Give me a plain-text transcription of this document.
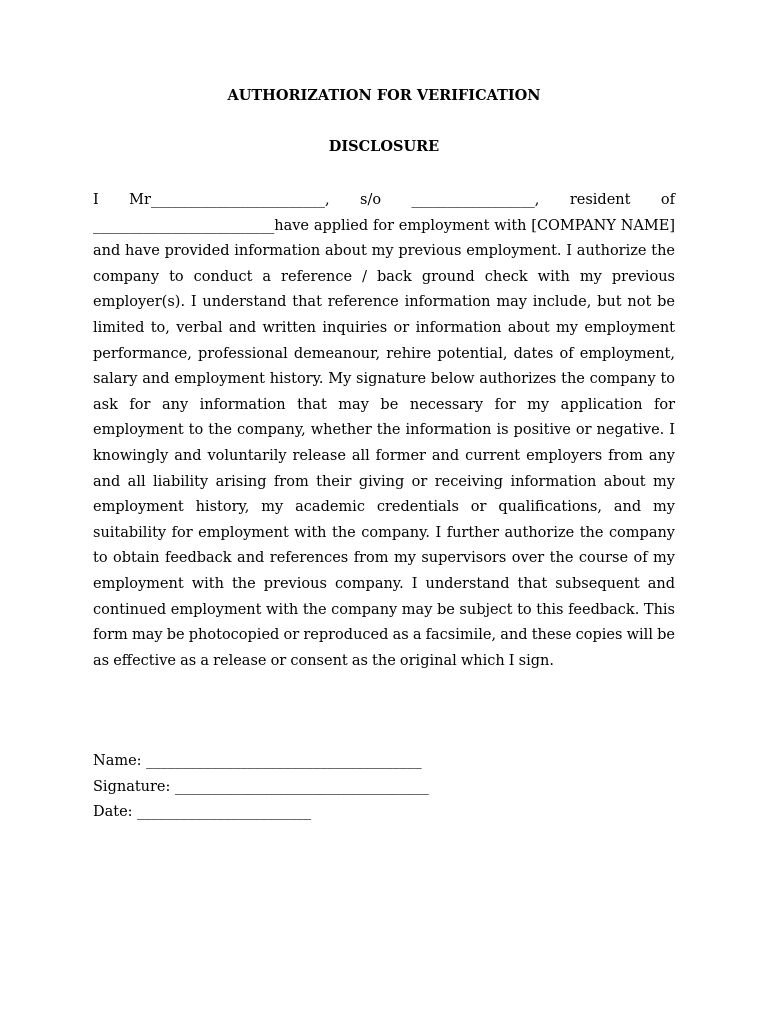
AUTHORIZATION FOR VERIFICATION
DISCLOSURE

I Mr________________________, s/o _________________, resident of _________________________have applied for employment with [COMPANY NAME] and have provided information about my previous employment. I authorize the company to conduct a reference / back ground check with my previous employer(s). I understand that reference information may include, but not be limited to, verbal and written inquiries or information about my employment performance, professional demeanour, rehire potential, dates of employment, salary and employment history. My signature below authorizes the company to ask for any information that may be necessary for my application for employment to the company, whether the information is positive or negative. I knowingly and voluntarily release all former and current employers from any and all liability arising from their giving or receiving information about my employment history, my academic credentials or qualifications, and my suitability for employment with the company. I further authorize the company to obtain feedback and references from my supervisors over the course of my employment with the previous company. I understand that subsequent and continued employment with the company may be subject to this feedback. This form may be photocopied or reproduced as a facsimile, and these copies will be as effective as a release or consent as the original which I sign.

Name: ______________________________________

Signature: ___________________________________

Date: ________________________
